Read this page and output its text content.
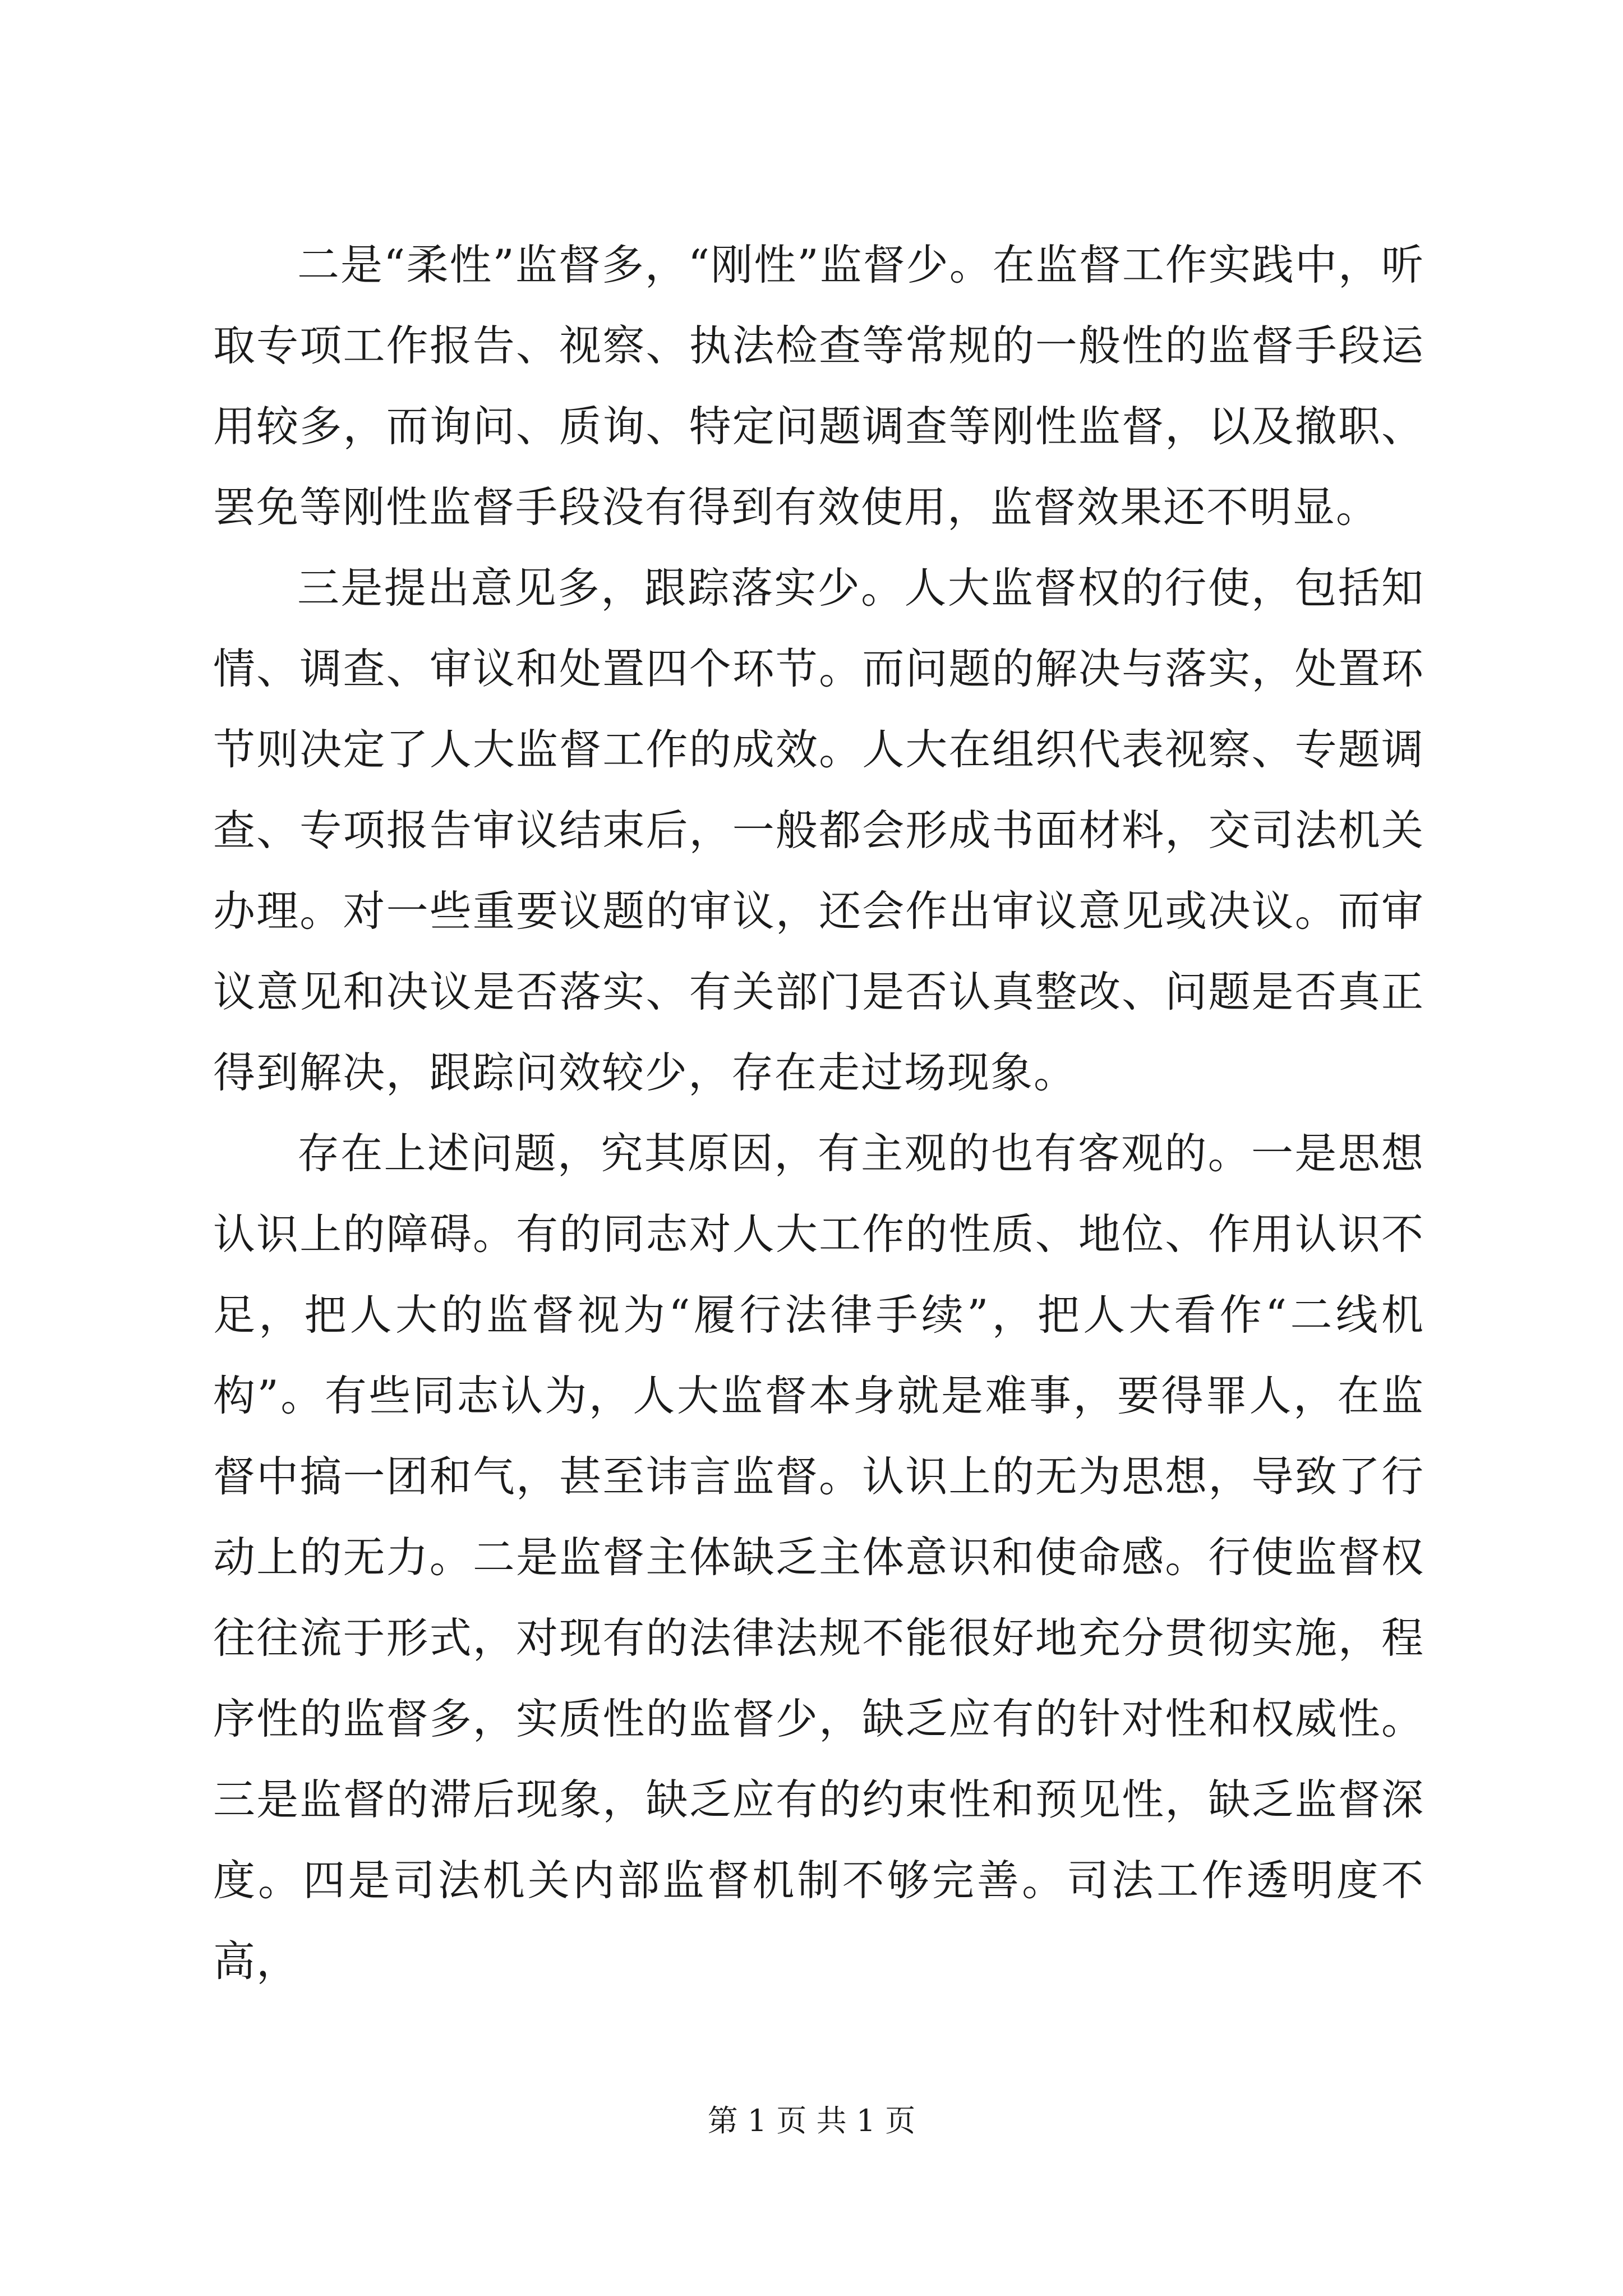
二是“柔性”监督多，“刚性”监督少。在监督工作实践中，听取专项工作报告、视察、执法检查等常规的一般性的监督手段运用较多，而询问、质询、特定问题调查等刚性监督，以及撤职、罢免等刚性监督手段没有得到有效使用，监督效果还不明显。

三是提出意见多，跟踪落实少。人大监督权的行使，包括知情、调查、审议和处置四个环节。而问题的解决与落实，处置环节则决定了人大监督工作的成效。人大在组织代表视察、专题调查、专项报告审议结束后，一般都会形成书面材料，交司法机关办理。对一些重要议题的审议，还会作出审议意见或决议。而审议意见和决议是否落实、有关部门是否认真整改、问题是否真正得到解决，跟踪问效较少，存在走过场现象。

存在上述问题，究其原因，有主观的也有客观的。一是思想认识上的障碍。有的同志对人大工作的性质、地位、作用认识不足，把人大的监督视为“履行法律手续”，把人大看作“二线机构”。有些同志认为，人大监督本身就是难事，要得罪人，在监督中搞一团和气，甚至讳言监督。认识上的无为思想，导致了行动上的无力。二是监督主体缺乏主体意识和使命感。行使监督权往往流于形式，对现有的法律法规不能很好地充分贯彻实施，程序性的监督多，实质性的监督少，缺乏应有的针对性和权威性。三是监督的滞后现象，缺乏应有的约束性和预见性，缺乏监督深度。四是司法机关内部监督机制不够完善。司法工作透明度不高，

第 1 页 共 1 页
